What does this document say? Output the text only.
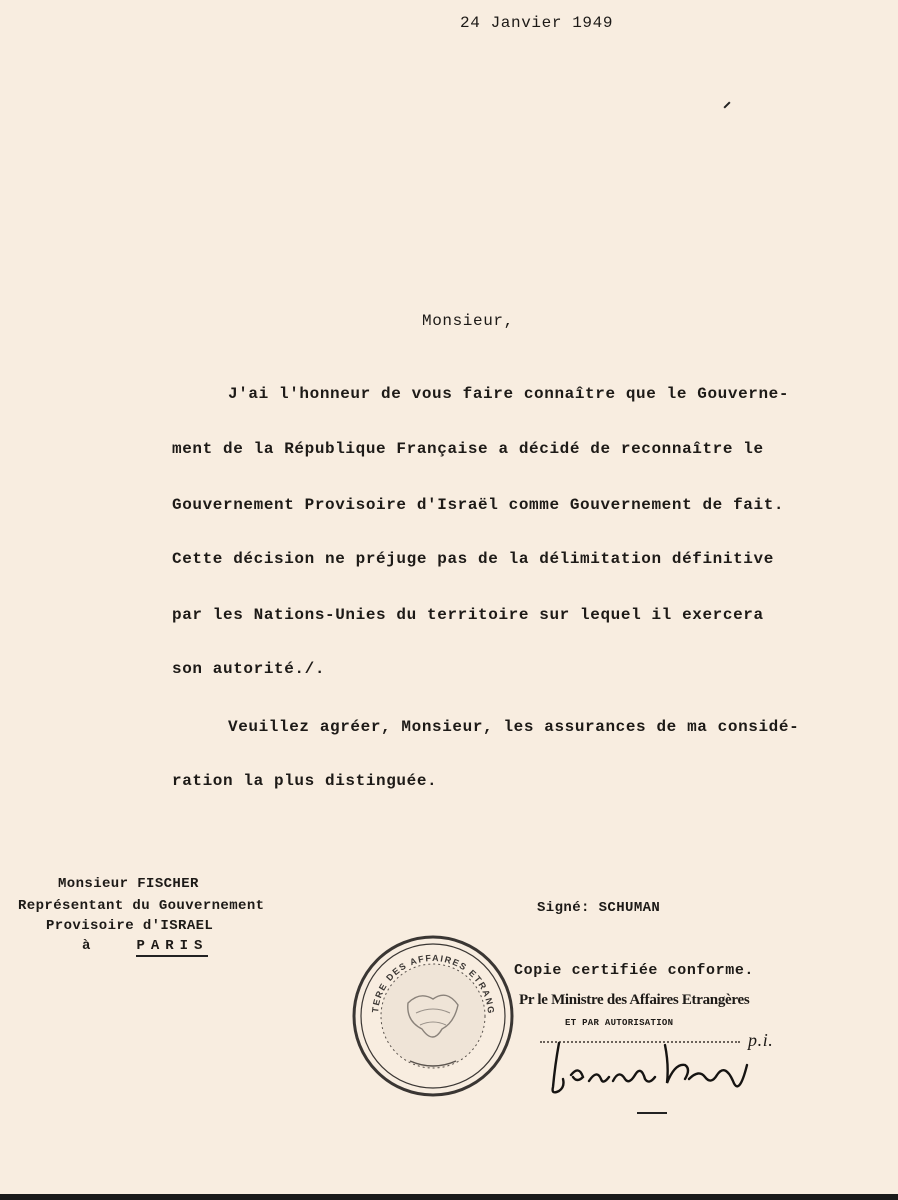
24 Janvier 1949
Monsieur,
J'ai l'honneur de vous faire connaître que le Gouverne-
ment de la République Française a décidé de reconnaître le
Gouvernement Provisoire d'Israël comme Gouvernement de fait.
Cette décision ne préjuge pas de la délimitation définitive
par les Nations-Unies du territoire sur lequel il exercera
son autorité./.
Veuillez agréer, Monsieur, les assurances de ma considé-
ration la plus distinguée.
Monsieur FISCHER
Représentant du Gouvernement
Provisoire d'ISRAEL
à	PARIS
Signé: SCHUMAN
TERE DES AFFAIRES ETRANG
Copie certifiée conforme.
Pr le Ministre des Affaires Etrangères
ET PAR AUTORISATION
p.i.
